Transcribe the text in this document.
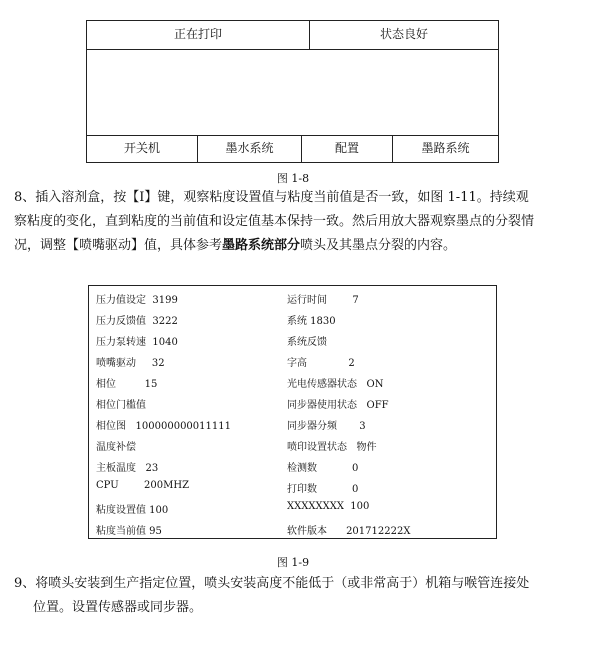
正在打印	状态良好
开关机	墨水系统	配置	墨路系统
图 1-8
8、插入溶剂盒，按【I】键，观察粘度设置值与粘度当前值是否一致，如图 1-11。持续观
察粘度的变化，直到粘度的当前值和设定值基本保持一致。然后用放大器观察墨点的分裂情
况，调整【喷嘴驱动】值，具体参考墨路系统部分喷头及其墨点分裂的内容。
压力值设定  3199	运行时间        7
压力反馈值  3222	系统 1830
压力泵转速  1040	系统反馈
喷嘴驱动     32	字高             2
相位         15	光电传感器状态   ON
相位门槛值	同步器使用状态   OFF
相位图   100000000011111	同步器分频       3
温度补偿	喷印设置状态   物件
主板温度   23	检测数           0
CPU        200MHZ	打印数           0
粘度设置值 100	XXXXXXXX  100
粘度当前值 95	软件版本      201712222X
图 1-9
9、将喷头安装到生产指定位置，喷头安装高度不能低于（或非常高于）机箱与喉管连接处
位置。设置传感器或同步器。
